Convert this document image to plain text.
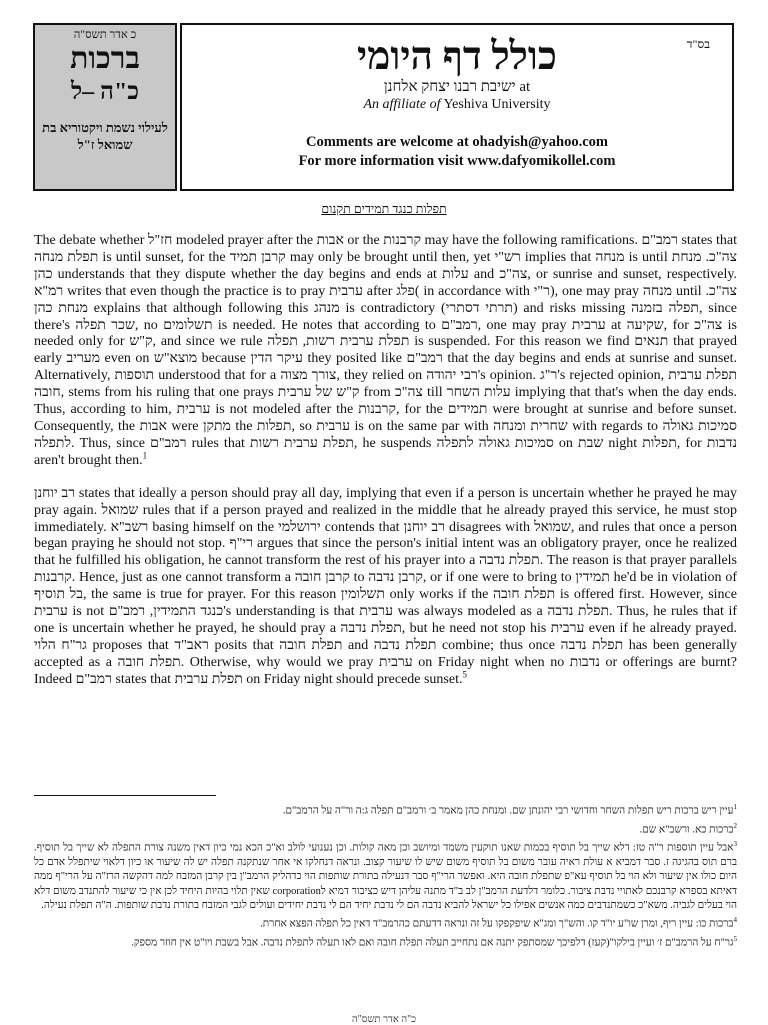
כ אדר תשס"ה
ברכות
כ"ה –ל
לעילוי נשמת ויקטוריא בת שמואל ז"ל
בס"ד
כולל דף היומי
ישיבת רבנו יצחק אלחנן at
An affiliate of Yeshiva University
Comments are welcome at ohadyish@yahoo.com
For more information visit www.dafyomikollel.com
תפלות כנגד תמידים תקנום

The debate whether חז"ל modeled prayer after the אבות or the קרבנות may have the following ramifications. רמב"ם states that תפלת מנחה is until sunset, for the קרבן תמיד may only be brought until then, yet רש"י implies that מנחה is until צה"כ. מנחת כהן understands that they dispute whether the day begins and ends at עלות and צה"כ, or sunrise and sunset, respectively. רמ"א writes that even though the practice is to pray ערבית after פלג( in accordance with ר"י), one may pray מנחה until צה"כ. מנחת כהן explains that although following this מנהג is contradictory (תרתי דסתרי) and risks missing תפלה בזמנה, since there's שכר תפלה, no תשלומים is needed. He notes that according to רמב"ם, one may pray ערבית at שקיעה, for צה"כ is needed only for ק"ש, and since we rule תפלת ערבית רשות, תפלה is suspended. For this reason we find תנאים that prayed early מעריב even on מוצא"ש because עיקר הדין they posited like רמב"ם that the day begins and ends at sunrise and sunset. Alternatively, תוספות understood that for a צורך מצוה, they relied on רבי יהודה's opinion. ר"ג's rejected opinion, תפלת ערבית חובה, stems from his ruling that one prays ק"ש של ערבית from צה"כ till עלות השחר implying that that's when the day ends. Thus, according to him, ערבית is not modeled after the קרבנות, for the תמידים were brought at sunrise and before sunset. Consequently, the אבות were מתקן the תפלות, so ערבית is on the same par with שחרית ומנחה with regards to סמיכות גאולה לתפלה. Thus, since רמב"ם rules that תפלת ערבית רשות, he suspends סמיכות גאולה לתפלה on שבת night תפלות, for נדבות aren't brought then.$^1$

רב יוחנן states that ideally a person should pray all day, implying that even if a person is uncertain whether he prayed he may pray again. שמואל rules that if a person prayed and realized in the middle that he already prayed this service, he must stop immediately. רשב"א basing himself on the ירושלמי contends that רב יוחנן disagrees with שמואל, and rules that once a person began praying he should not stop. רי"ף argues that since the person's initial intent was an obligatory prayer, once he realized that he fulfilled his obligation, he cannot transform the rest of his prayer into a תפלת נדבה. The reason is that prayer parallels קרבנות. Hence, just as one cannot transform a קרבן חובה to קרבן נדבה, or if one were to bring to תמידין he'd be in violation of בל תוסיף, the same is true for prayer. For this reason תשלומין only works if the תפלת חובה is offered first. However, since ערבית is not כנגד התמידין, רמב"ם's understanding is that ערבית was always modeled as a תפלת נדבה. Thus, he rules that if one is uncertain whether he prayed, he should pray a תפלת נדבה, but he need not stop his ערבית even if he already prayed. גר"ח הלוי proposes that ראב"ד posits that תפלת חובה and תפלת נדבה combine; thus once תפלת נדבה has been generally accepted as a תפלת חובה. Otherwise, why would we pray ערבית on Friday night when no נדבות or offerings are burnt? Indeed רמב"ם states that תפלת ערבית on Friday night should precede sunset.$^5$

$^1$עיין ריש ברכות ריש תפלות השחר וחדושי רבי יהונתן שם. ומנחת כהן מאמר ב׳ ורמב"ם תפלה ג:ה ור"ה על הרמב"ם.

$^2$ברכות כא. ורשב"א שם.

$^3$אבל עיין תוספות ר"ה טז: דלא שייך בל תוסיף בכמות שאנו תוקעין משמד ומיושב וכן מאה קולות. וכן נענועי לולב וא"כ הכא נמי כיון דאין משנה צורת התפלה לא שייך בל תוסיף. ברם תוס בהגיגה ז. סבר דמביא א עולת ראיה עובר משום בל תוסיף משום שיש לו שיעור קצוב. ונראה דנחלקו אי אחר שנתקנה תפלה יש לה שיעור או כיון דלאוי שיתפלל אדם כל היום כולו אין שיעור ולא הוי בל תוסיף עא"פ שתפלת חובה היא. ואפשר הרי"ף סבר דנעילה בתורת שותפות הוי כדהליק הרמב"ן בין קרבן המזבח למה דהקשה הרז"ה על הרי"ף ממה דאיתא בספרא קרבנכם לאתויי נדבת ציבור. כלומר דלדעת הרמב"ן לב ב"ד מתנה עליהן דיש כציבור דמיא לcorporation שאין תלוי בהיות היחיד לכן אין כי שיעור להתנדב משום דלא הוי בעלים לגביה. משא"כ כשמתנדבים כמה אנשים אפילו כל ישראל להביא נדבה הם לי נדבת יחיד הם לי נדבת יחידים ועולים לגבי המזבח בתורת נדבת שותפות. ה"ה תפלת נעילה.

$^4$ברכות כו: עיין ריף, ומרן שו"ע יו"ד קו. והש"ך ומג"א שיפקפקו על זה ונראה דדעתם כהרמב"ד דאין כל תפלה הפצא אחרת.

$^5$גר"ח על הרמב"ם ז׳ ועיין בילקו"(קעז) דלפיכך שמסתפק יתנה אם נתחייב תעלה תפלת חובה ואם לאו תעלה לתפלת נדבה. אבל בשבת ויו"ט אין חוזר מספק.

כ"ה אדר תשס"ה
